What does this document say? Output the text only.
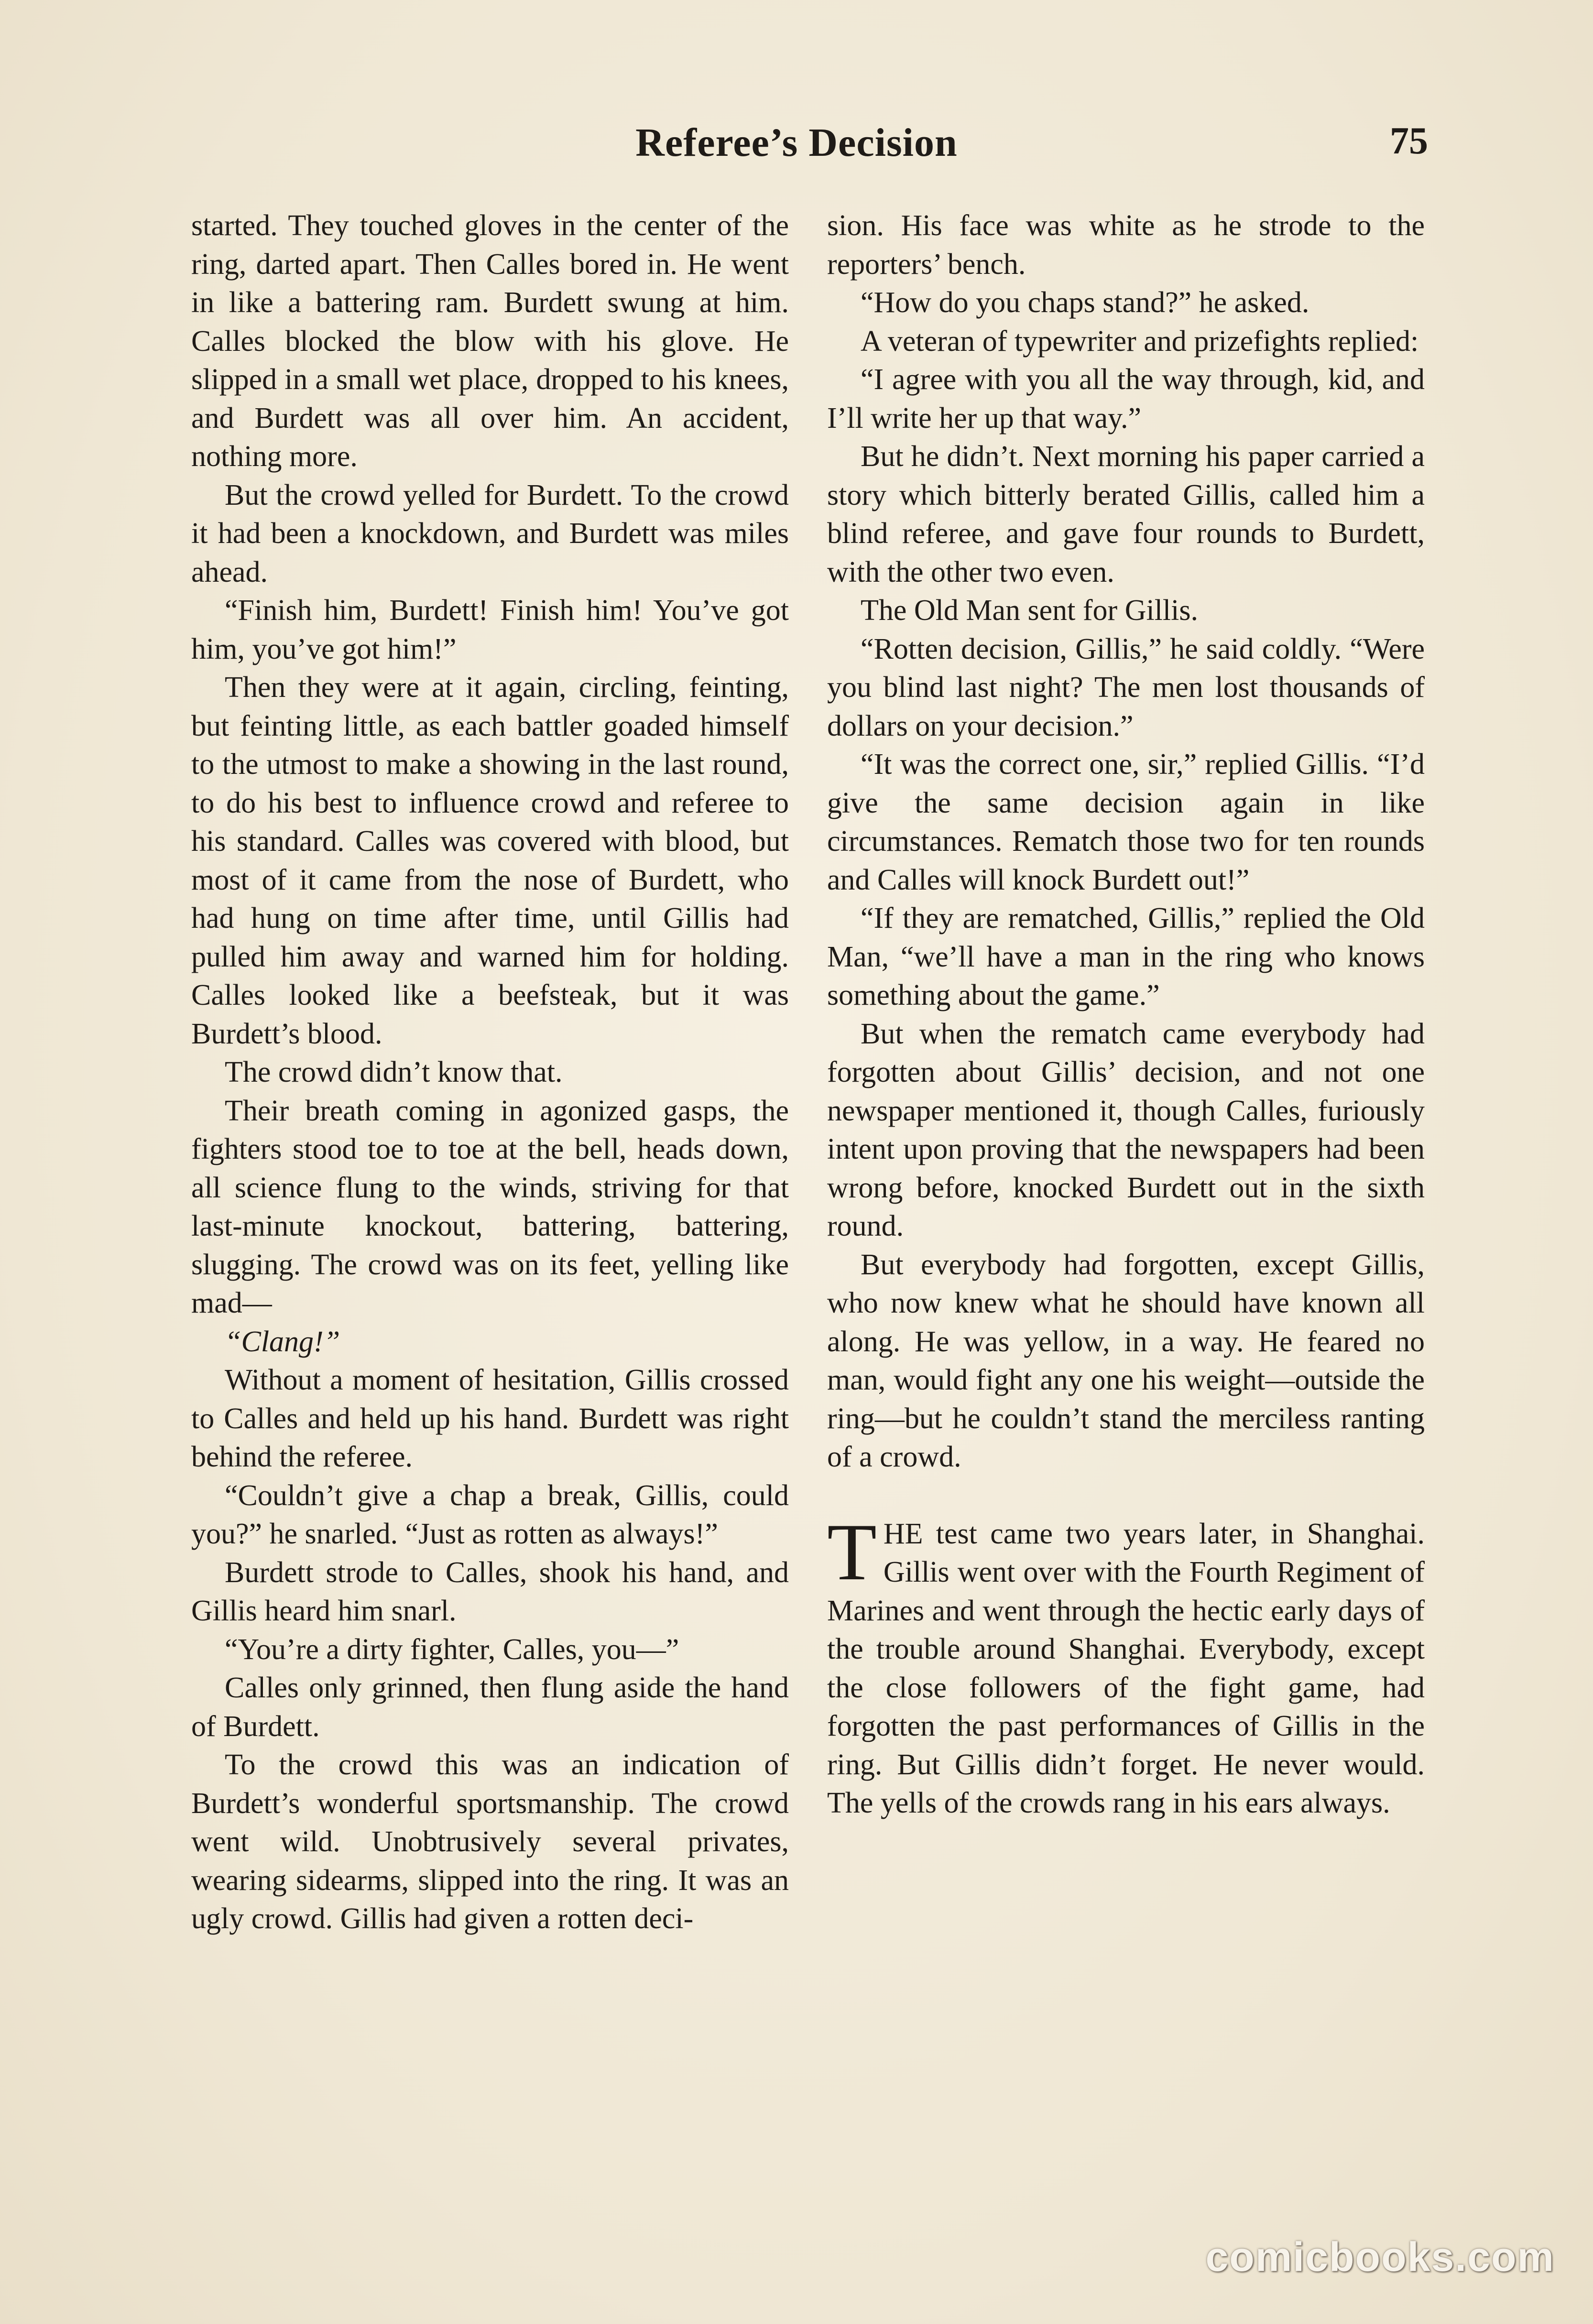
Referee’s Decision	75

started. They touched gloves in the center of the ring, darted apart. Then Calles bored in. He went in like a battering ram. Burdett swung at him. Calles blocked the blow with his glove. He slipped in a small wet place, dropped to his knees, and Burdett was all over him. An accident, nothing more.

But the crowd yelled for Burdett. To the crowd it had been a knockdown, and Burdett was miles ahead.

“Finish him, Burdett! Finish him! You’ve got him, you’ve got him!”

Then they were at it again, circling, feinting, but feinting little, as each battler goaded himself to the utmost to make a showing in the last round, to do his best to influence crowd and referee to his standard. Calles was covered with blood, but most of it came from the nose of Burdett, who had hung on time after time, until Gillis had pulled him away and warned him for holding. Calles looked like a beefsteak, but it was Burdett’s blood.

The crowd didn’t know that.

Their breath coming in agonized gasps, the fighters stood toe to toe at the bell, heads down, all science flung to the winds, striving for that last-minute knockout, battering, battering, slugging. The crowd was on its feet, yelling like mad—

“Clang!”

Without a moment of hesitation, Gillis crossed to Calles and held up his hand. Burdett was right behind the referee.

“Couldn’t give a chap a break, Gillis, could you?” he snarled. “Just as rotten as always!”

Burdett strode to Calles, shook his hand, and Gillis heard him snarl.

“You’re a dirty fighter, Calles, you—”

Calles only grinned, then flung aside the hand of Burdett.

To the crowd this was an indication of Burdett’s wonderful sportsmanship. The crowd went wild. Unobtrusively several privates, wearing sidearms, slipped into the ring. It was an ugly crowd. Gillis had given a rotten deci-

sion. His face was white as he strode to the reporters’ bench.

“How do you chaps stand?” he asked.

A veteran of typewriter and prizefights replied:

“I agree with you all the way through, kid, and I’ll write her up that way.”

But he didn’t. Next morning his paper carried a story which bitterly berated Gillis, called him a blind referee, and gave four rounds to Burdett, with the other two even.

The Old Man sent for Gillis.

“Rotten decision, Gillis,” he said coldly. “Were you blind last night? The men lost thousands of dollars on your decision.”

“It was the correct one, sir,” replied Gillis. “I’d give the same decision again in like circumstances. Rematch those two for ten rounds and Calles will knock Burdett out!”

“If they are rematched, Gillis,” replied the Old Man, “we’ll have a man in the ring who knows something about the game.”

But when the rematch came everybody had forgotten about Gillis’ decision, and not one newspaper mentioned it, though Calles, furiously intent upon proving that the newspapers had been wrong before, knocked Burdett out in the sixth round.

But everybody had forgotten, except Gillis, who now knew what he should have known all along. He was yellow, in a way. He feared no man, would fight any one his weight—outside the ring—but he couldn’t stand the merciless ranting of a crowd.

THE test came two years later, in Shanghai. Gillis went over with the Fourth Regiment of Marines and went through the hectic early days of the trouble around Shanghai. Everybody, except the close followers of the fight game, had forgotten the past performances of Gillis in the ring. But Gillis didn’t forget. He never would. The yells of the crowds rang in his ears always.

comicbooks.com
